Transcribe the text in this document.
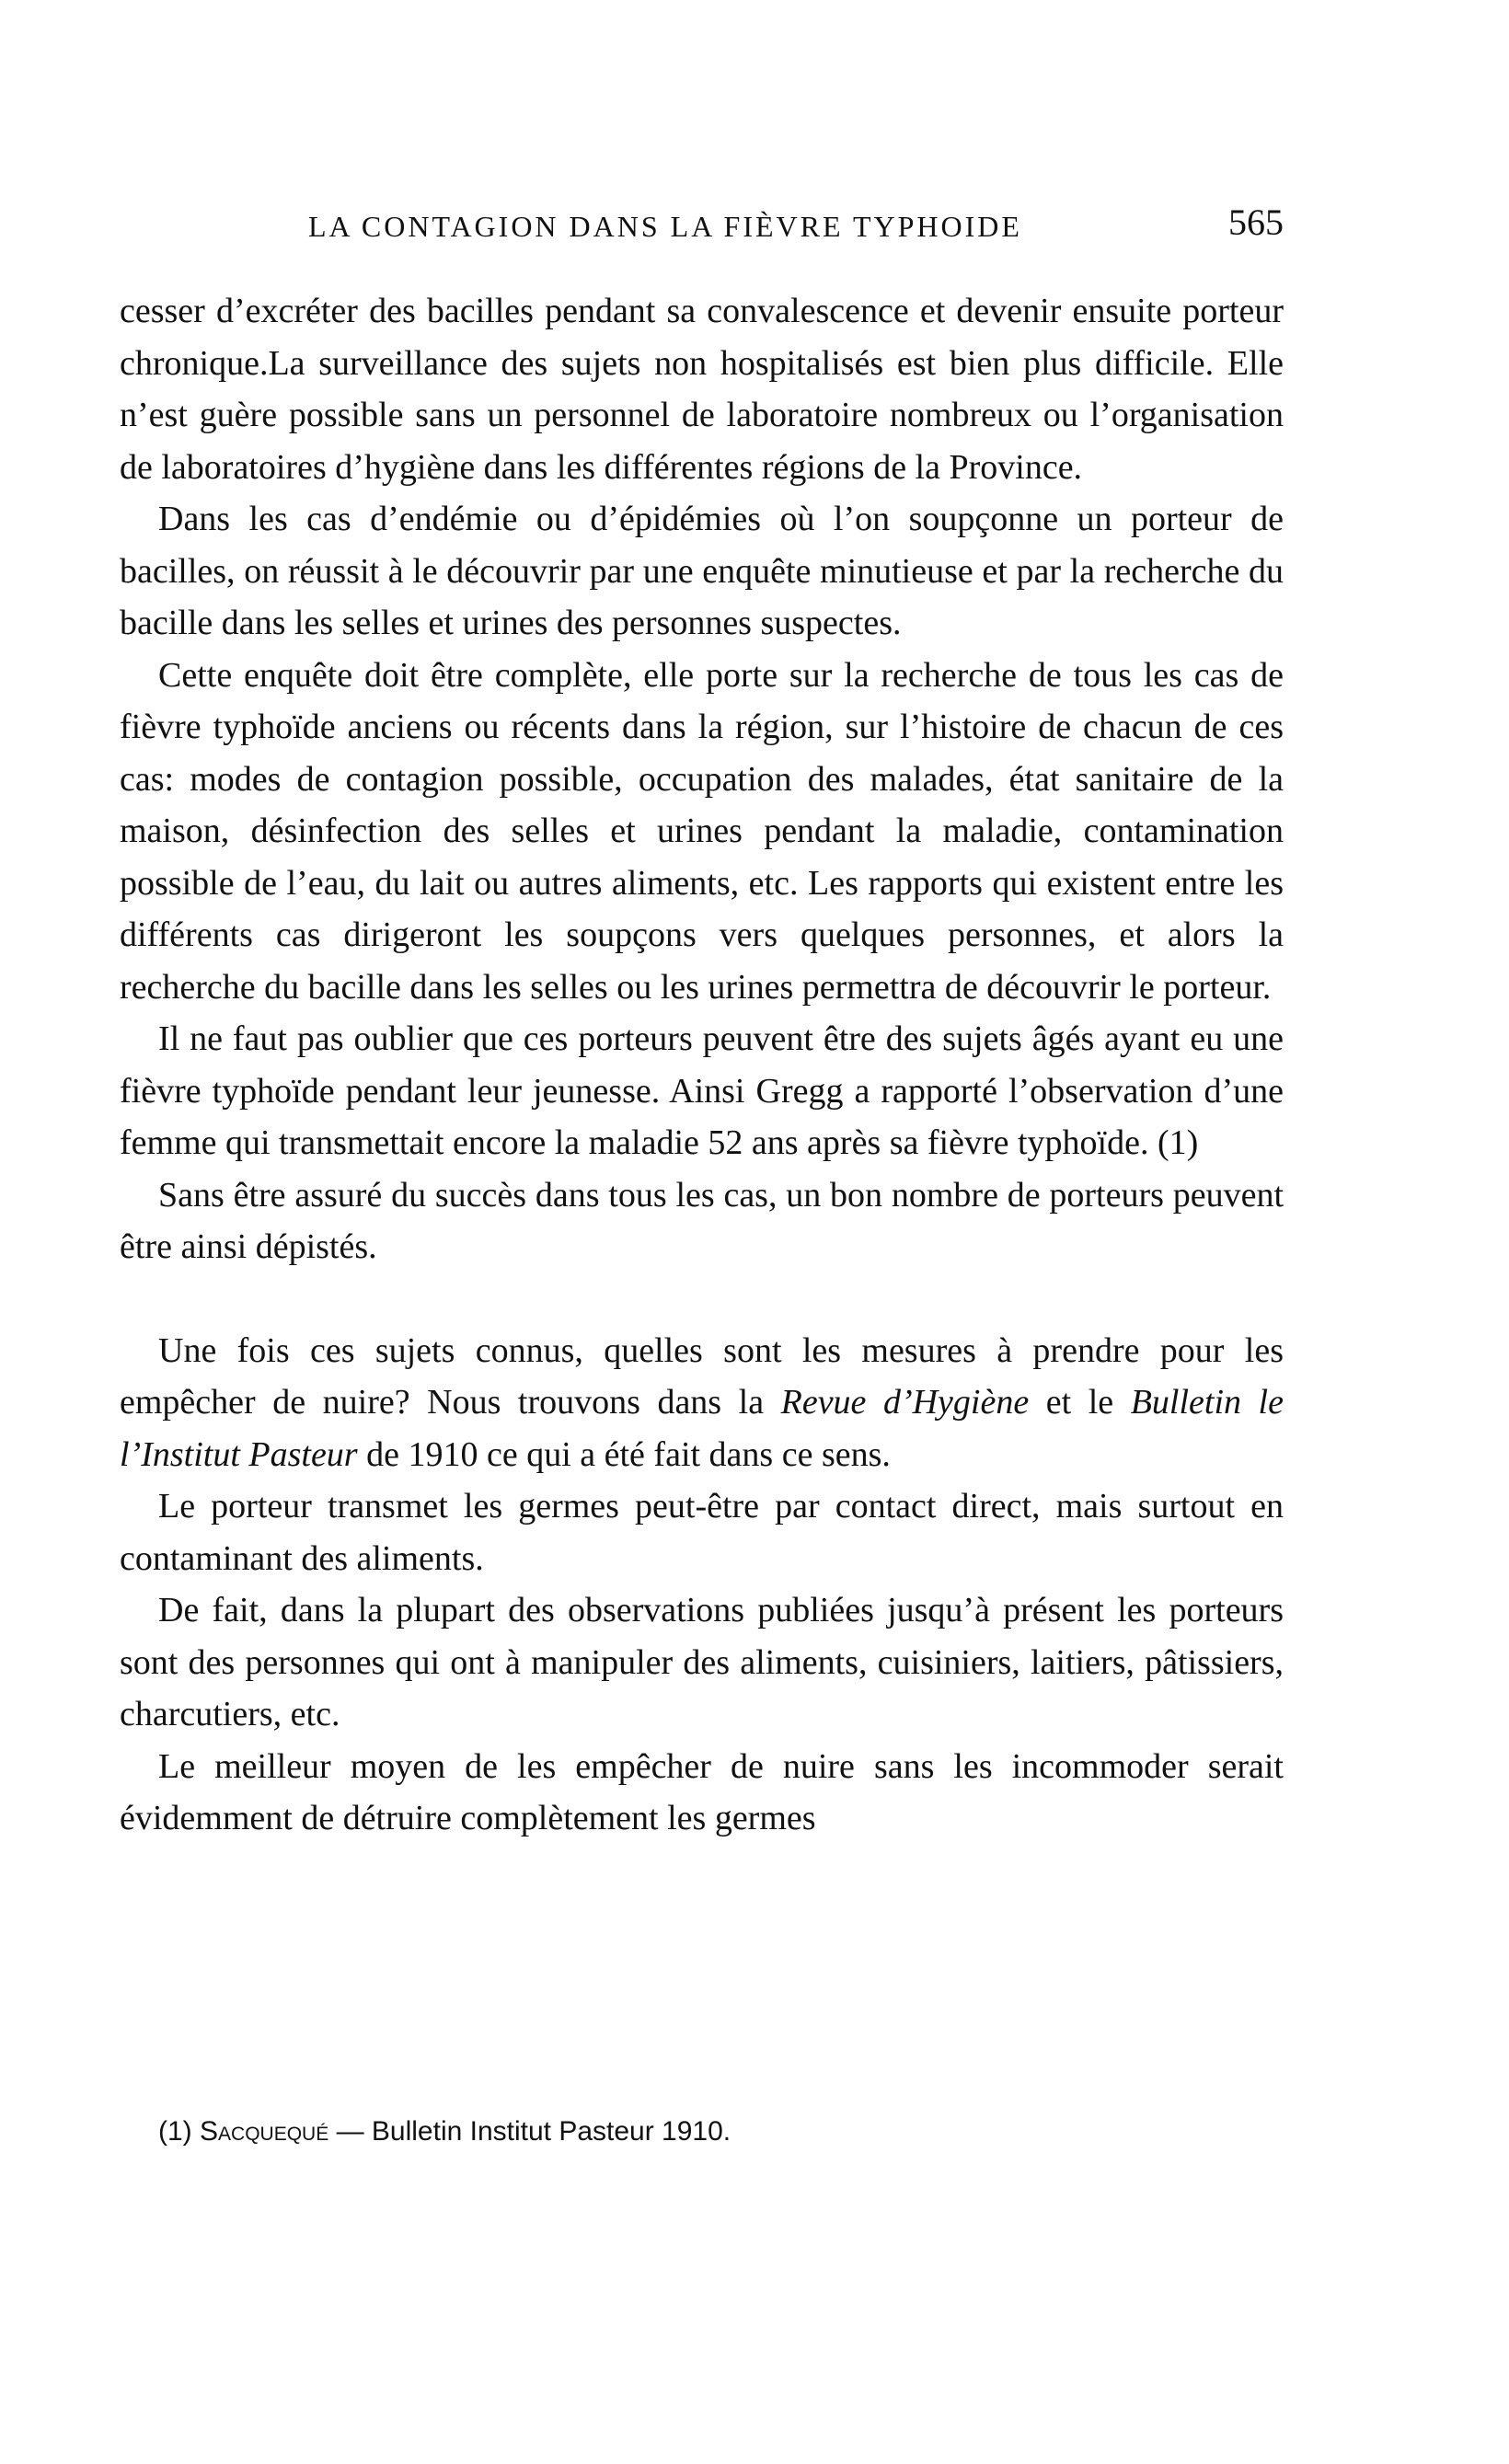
LA CONTAGION DANS LA FIÈVRE TYPHOIDE	565

cesser d’excréter des bacilles pendant sa convalescence et devenir ensuite porteur chronique.La surveillance des sujets non hospitalisés est bien plus difficile. Elle n’est guère possible sans un personnel de laboratoire nombreux ou l’organisation de laboratoires d’hygiène dans les différentes régions de la Province.

Dans les cas d’endémie ou d’épidémies où l’on soupçonne un porteur de bacilles, on réussit à le découvrir par une enquête minutieuse et par la recherche du bacille dans les selles et urines des personnes suspectes.

Cette enquête doit être complète, elle porte sur la recherche de tous les cas de fièvre typhoïde anciens ou récents dans la région, sur l’histoire de chacun de ces cas: modes de contagion possible, occupation des malades, état sanitaire de la maison, désinfection des selles et urines pendant la maladie, contamination possible de l’eau, du lait ou autres aliments, etc. Les rapports qui existent entre les différents cas dirigeront les soupçons vers quelques personnes, et alors la recherche du bacille dans les selles ou les urines permettra de découvrir le porteur.

Il ne faut pas oublier que ces porteurs peuvent être des sujets âgés ayant eu une fièvre typhoïde pendant leur jeunesse. Ainsi Gregg a rapporté l’observation d’une femme qui transmettait encore la maladie 52 ans après sa fièvre typhoïde. (1)

Sans être assuré du succès dans tous les cas, un bon nombre de porteurs peuvent être ainsi dépistés.

Une fois ces sujets connus, quelles sont les mesures à prendre pour les empêcher de nuire? Nous trouvons dans la Revue d’Hygiène et le Bulletin le l’Institut Pasteur de 1910 ce qui a été fait dans ce sens.

Le porteur transmet les germes peut-être par contact direct, mais surtout en contaminant des aliments.

De fait, dans la plupart des observations publiées jusqu’à présent les porteurs sont des personnes qui ont à manipuler des aliments, cuisiniers, laitiers, pâtissiers, charcutiers, etc.

Le meilleur moyen de les empêcher de nuire sans les incommoder serait évidemment de détruire complètement les germes

(1) Sacquequé — Bulletin Institut Pasteur 1910.
